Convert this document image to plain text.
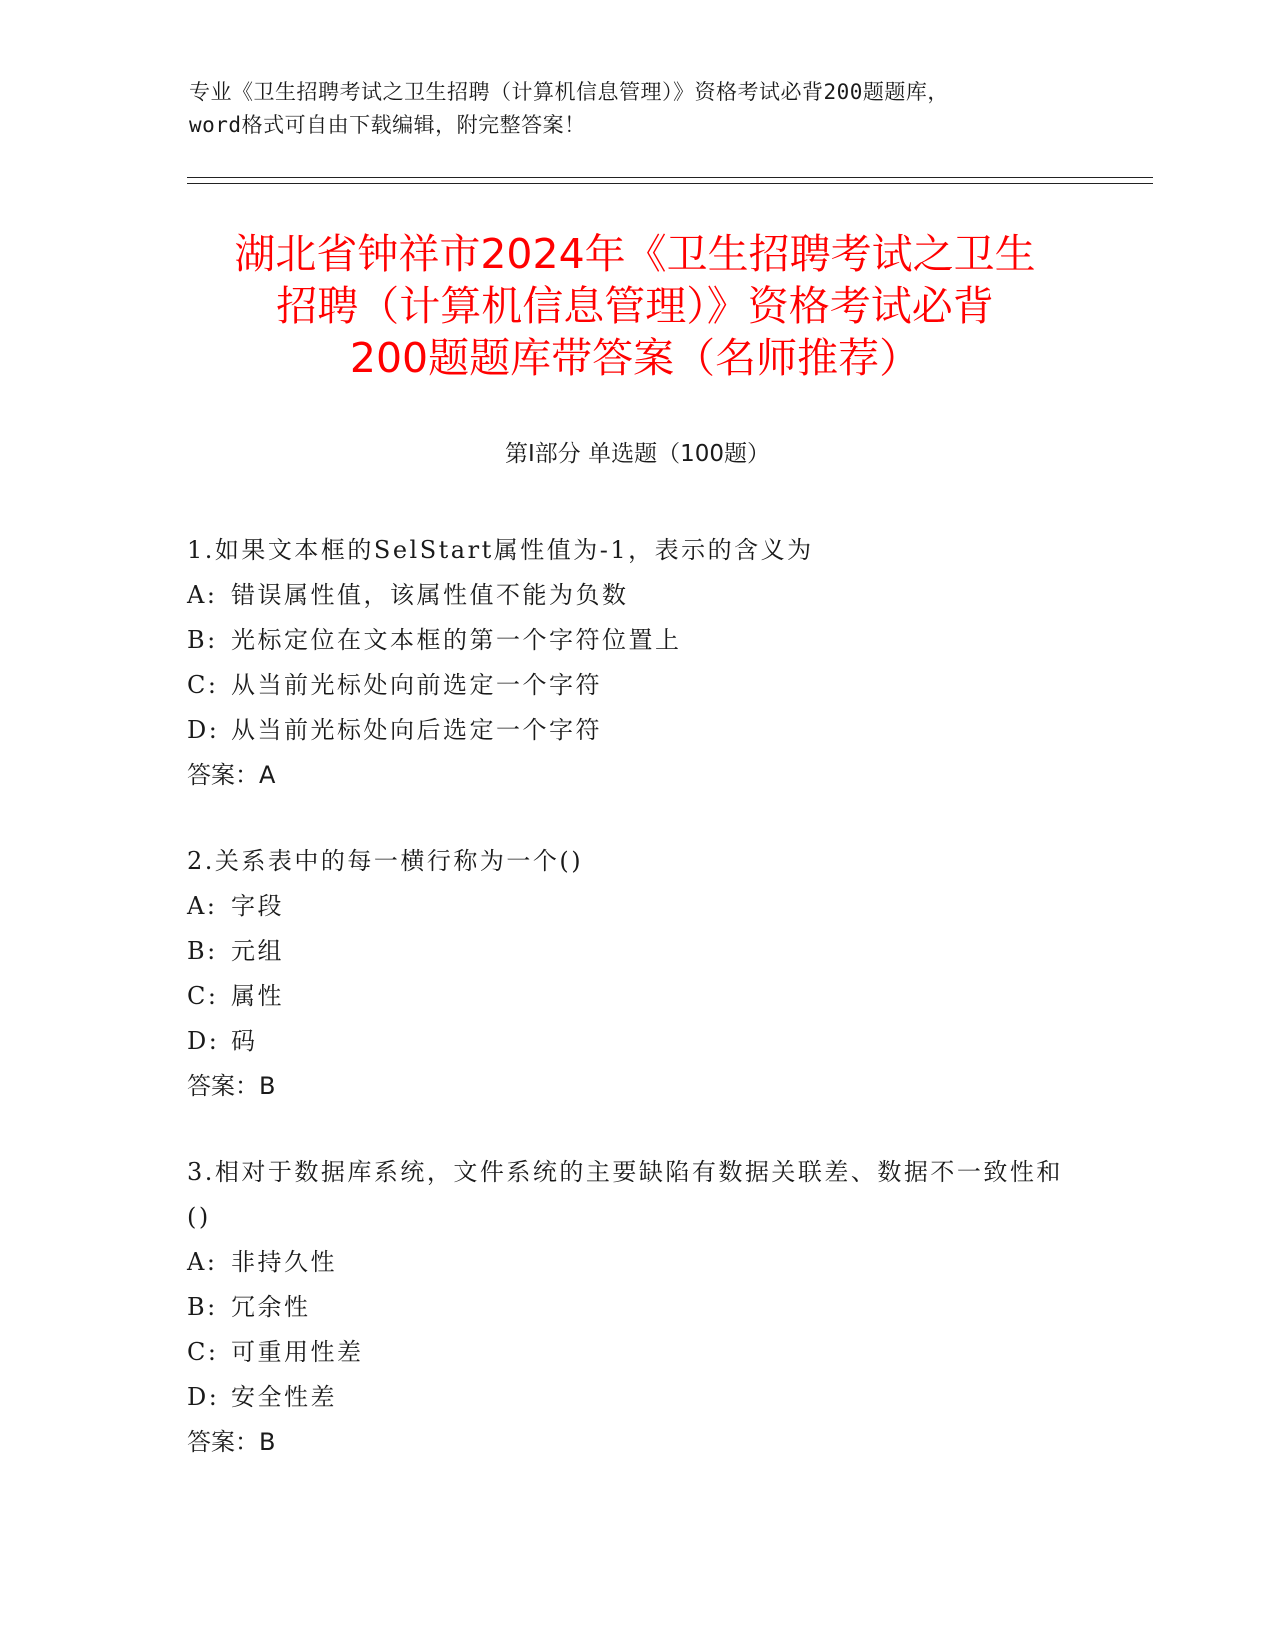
专业《卫生招聘考试之卫生招聘（计算机信息管理）》资格考试必背200题题库，
word格式可自由下载编辑，附完整答案！
湖北省钟祥市2024年《卫生招聘考试之卫生
招聘（计算机信息管理）》资格考试必背
200题题库带答案（名师推荐）
第Ⅰ部分 单选题（100题）
1.如果文本框的SelStart属性值为-1，表示的含义为
A: 错误属性值，该属性值不能为负数
B: 光标定位在文本框的第一个字符位置上
C: 从当前光标处向前选定一个字符
D: 从当前光标处向后选定一个字符
答案：A
2.关系表中的每一横行称为一个()
A: 字段
B: 元组
C: 属性
D: 码
答案：B
3.相对于数据库系统，文件系统的主要缺陷有数据关联差、数据不一致性和()
A: 非持久性
B: 冗余性
C: 可重用性差
D: 安全性差
答案：B
